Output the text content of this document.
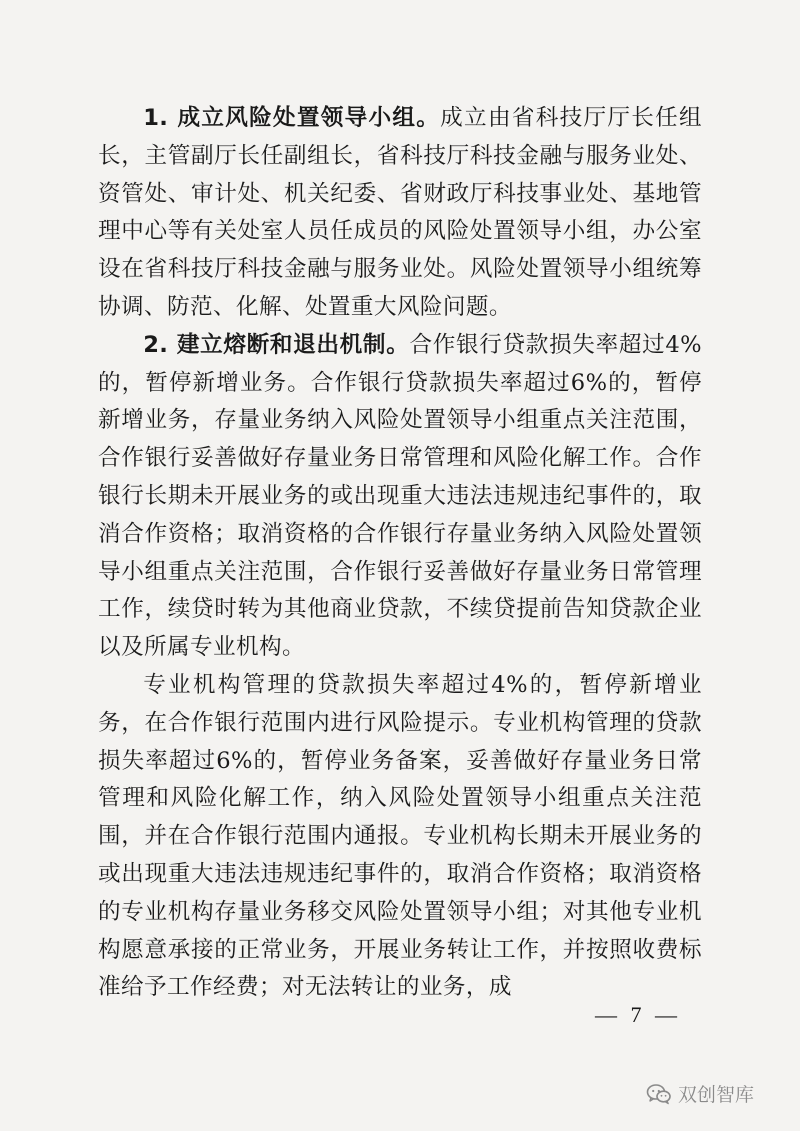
1. 成立风险处置领导小组。成立由省科技厅厅长任组长，主管副厅长任副组长，省科技厅科技金融与服务业处、资管处、审计处、机关纪委、省财政厅科技事业处、基地管理中心等有关处室人员任成员的风险处置领导小组，办公室设在省科技厅科技金融与服务业处。风险处置领导小组统筹协调、防范、化解、处置重大风险问题。

2. 建立熔断和退出机制。合作银行贷款损失率超过4%的，暂停新增业务。合作银行贷款损失率超过6%的，暂停新增业务，存量业务纳入风险处置领导小组重点关注范围，合作银行妥善做好存量业务日常管理和风险化解工作。合作银行长期未开展业务的或出现重大违法违规违纪事件的，取消合作资格；取消资格的合作银行存量业务纳入风险处置领导小组重点关注范围，合作银行妥善做好存量业务日常管理工作，续贷时转为其他商业贷款，不续贷提前告知贷款企业以及所属专业机构。

专业机构管理的贷款损失率超过4%的，暂停新增业务，在合作银行范围内进行风险提示。专业机构管理的贷款损失率超过6%的，暂停业务备案，妥善做好存量业务日常管理和风险化解工作，纳入风险处置领导小组重点关注范围，并在合作银行范围内通报。专业机构长期未开展业务的或出现重大违法违规违纪事件的，取消合作资格；取消资格的专业机构存量业务移交风险处置领导小组；对其他专业机构愿意承接的正常业务，开展业务转让工作，并按照收费标准给予工作经费；对无法转让的业务，成

— 7 —
双创智库
